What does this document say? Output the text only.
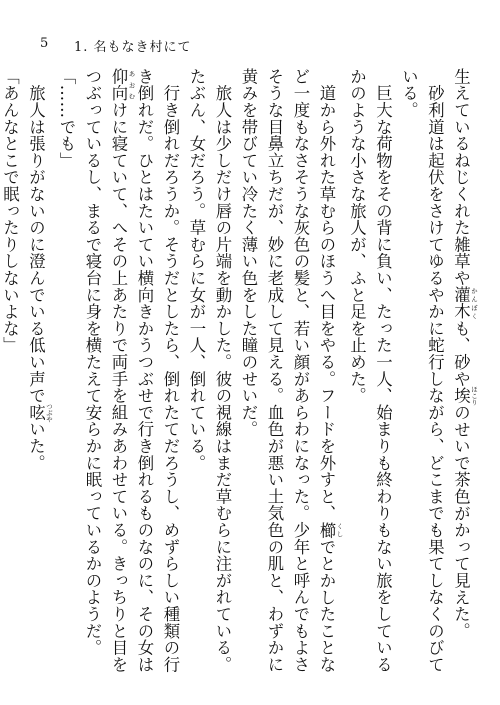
5 1. 名もなき村にて

生えているねじくれた雑草や灌木 かんぼくも、砂や埃 ほこりのせいで茶色がかって見えた。

　砂利道は起伏をさけてゆるやかに蛇行しながら、どこまでも果てしなくのびている。

　巨大な荷物をその背に負い、たった一人、始まりも終わりもない旅をしているかのような小さな旅人が、ふと足を止めた。

　道から外れた草むらのほうへ目をやる。フードを外すと、櫛 くしでとかしたことなど一度もなさそうな灰色の髪と、若い顔があらわになった。少年と呼んでもよさそうな目鼻立ちだが、妙に老成して見える。血色が悪い土気色の肌と、わずかに黄みを帯びてい冷たく薄い色をした瞳のせいだ。

　旅人は少しだけ唇の片端を動かした。彼の視線はまだ草むらに注がれている。たぶん、女だろう。草むらに女が一人、倒れている。

　行き倒れだろうか。そうだとしたら、倒れたてだろうし、めずらしい種類の行き倒れだ。ひとはたいてい横向きかうつぶせで行き倒れるものなのに、その女は仰向 あおむけに寝ていて、へその上あたりで両手を組みあわせている。きっちりと目をつぶっているし、まるで寝台に身を横たえて安らかに眠っているかのようだ。

「……でも」

　旅人は張りがないのに澄んでいる低い声で呟 つぶやいた。

「あんなとこで眠ったりしないよな」
